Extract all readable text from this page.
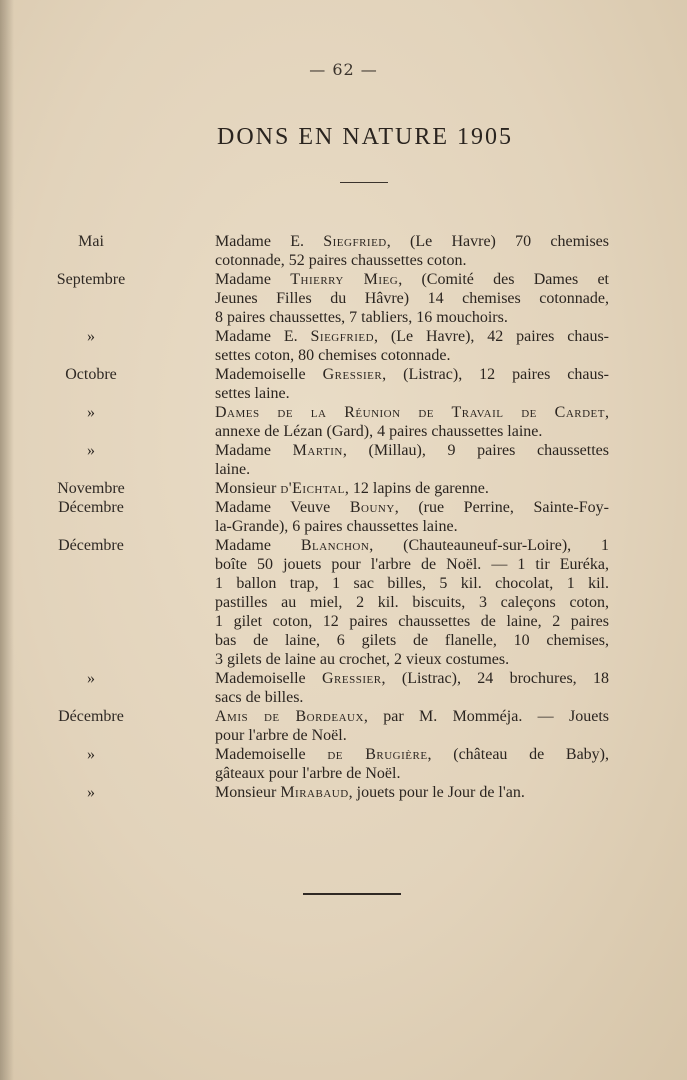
— 62 —
DONS EN NATURE 1905
Mai	Madame E. Siegfried, (Le Havre) 70 chemises
cotonnade, 52 paires chaussettes coton.
Septembre	Madame Thierry Mieg, (Comité des Dames et
Jeunes Filles du Hâvre) 14 chemises cotonnade,
8 paires chaussettes, 7 tabliers, 16 mouchoirs.
»	Madame E. Siegfried, (Le Havre), 42 paires chaus-
settes coton, 80 chemises cotonnade.
Octobre	Mademoiselle Gressier, (Listrac), 12 paires chaus-
settes laine.
»	Dames de la Réunion de Travail de Cardet,
annexe de Lézan (Gard), 4 paires chaussettes laine.
»	Madame Martin, (Millau), 9 paires chaussettes
laine.
Novembre	Monsieur d'Eichtal, 12 lapins de garenne.
Décembre	Madame Veuve Bouny, (rue Perrine, Sainte-Foy-
la-Grande), 6 paires chaussettes laine.
Décembre	Madame Blanchon, (Chauteauneuf-sur-Loire), 1
boîte 50 jouets pour l'arbre de Noël. — 1 tir Euréka,
1 ballon trap, 1 sac billes, 5 kil. chocolat, 1 kil.
pastilles au miel, 2 kil. biscuits, 3 caleçons coton,
1 gilet coton, 12 paires chaussettes de laine, 2 paires
bas de laine, 6 gilets de flanelle, 10 chemises,
3 gilets de laine au crochet, 2 vieux costumes.
»	Mademoiselle Gressier, (Listrac), 24 brochures, 18
sacs de billes.
Décembre	Amis de Bordeaux, par M. Momméja. — Jouets
pour l'arbre de Noël.
»	Mademoiselle de Brugière, (château de Baby),
gâteaux pour l'arbre de Noël.
»	Monsieur Mirabaud, jouets pour le Jour de l'an.
